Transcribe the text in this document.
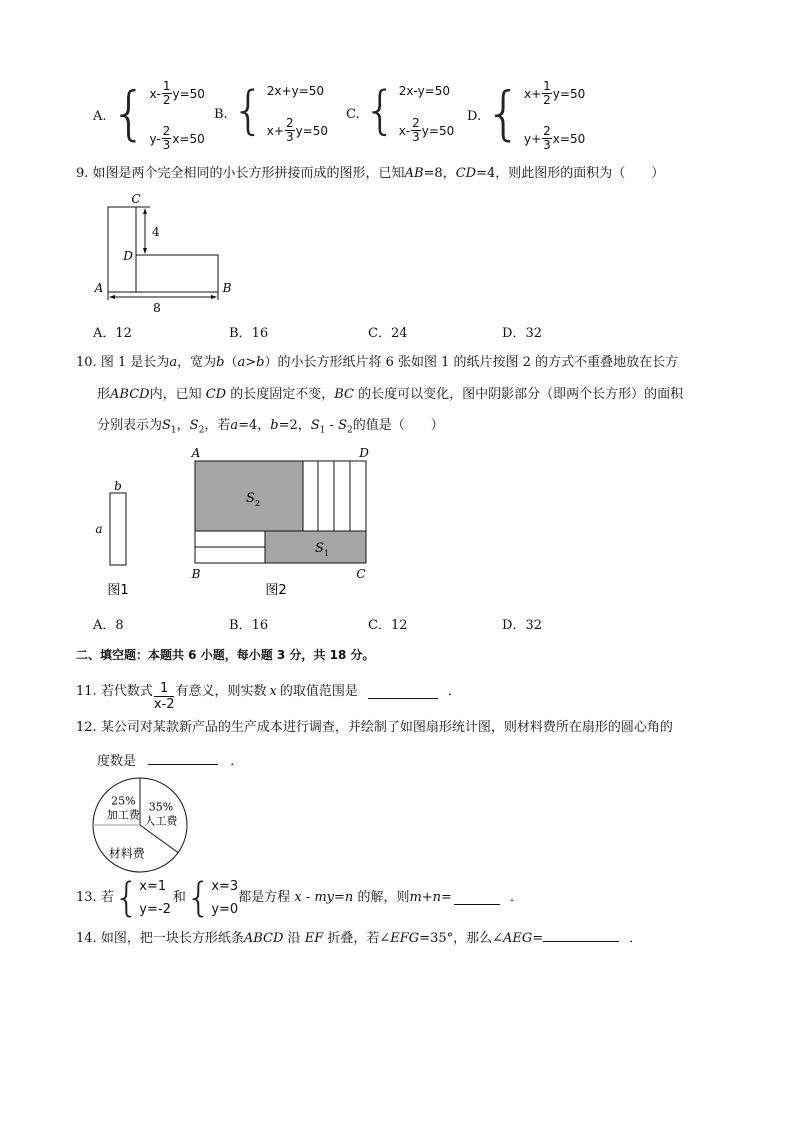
A. { $x- \frac{1}{2} y=50$
$y- \frac{2}{3} x=50$
B. { 2x+y=50
$x+ \frac{2}{3} y=50$
C. { 2x-y=50
$x- \frac{2}{3} y=50$
D. { $x+ \frac{1}{2} y=50$
$y+ \frac{2}{3} x=50$
9. 如图是两个完全相同的小长方形拼接而成的图形，已知AB=8，CD=4，则此图形的面积为（　　）
C
D
A	B
4
8
A．12	B．16	C．24	D．32
10. 图 1 是长为a，宽为b（a>b）的小长方形纸片将 6 张如图 1 的纸片按图 2 的方式不重叠地放在长方
形ABCD内，已知 CD 的长度固定不变，BC 的长度可以变化，图中阴影部分（即两个长方形）的面积
分别表示为$S_1$，$S_2$，若a=4，b=2，$S_1 - S_2$的值是（　　）
b
a
图1
A	D
B	C
S 2
S 1
图2
A．8	B．16	C．12	D．32
二、填空题：本题共 6 小题，每小题 3 分，共 18 分。
11.
若代数式 $\frac{1}{x-2}$ 有意义，则实数 x 的取值范围是	．
12. 某公司对某款新产品的生产成本进行调查，并绘制了如图扇形统计图，则材料费所在扇形的圆心角的
度数是	．
35%
人工费
材料费
25%
加工费
13.
若 { x=1
y=-2
和 { x=3
y=0
都是方程
x - my = n
的解，则 m+n =	．
14. 如图，把一块长方形纸条ABCD 沿 EF 折叠，若∠EFG=35°，那么∠AEG=	．
